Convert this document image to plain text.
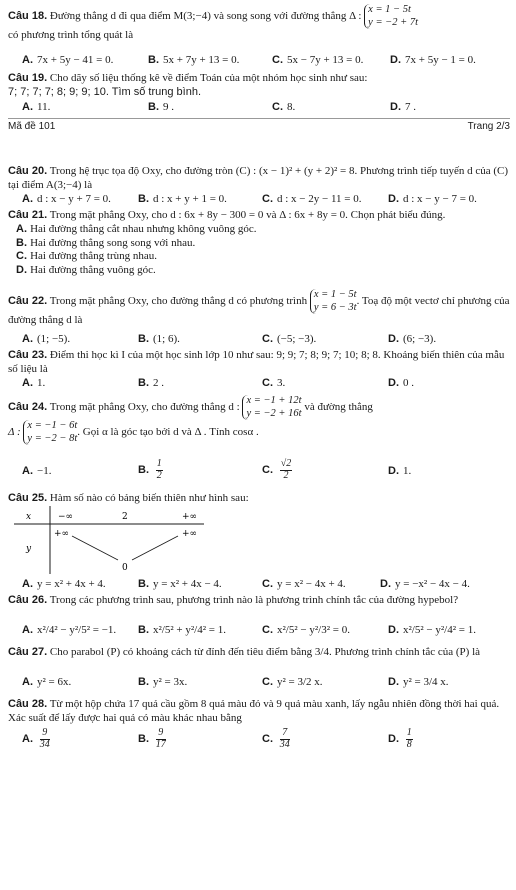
Câu 18. Đường thẳng d đi qua điểm M(3;−4) và song song với đường thẳng Δ : x = 1 − 5t
y = −2 + 7t
có phương trình tổng quát là
A. 7x + 5y − 41 = 0.	B. 5x + 7y + 13 = 0.	C. 5x − 7y + 13 = 0. D. 7x + 5y − 1 = 0.
Câu 19. Cho dãy số liệu thống kê về điểm Toán của một nhóm học sinh như sau:
7; 7; 7; 7; 8; 9; 9; 10. Tìm số trung bình.
A. 11.	B. 9 .	C. 8.	D. 7 .
Mã đề 101	Trang 2/3
Câu 20. Trong hệ trục tọa độ Oxy, cho đường tròn (C) : (x − 1)² + (y + 2)² = 8. Phương trình tiếp tuyến d của (C) tại điểm A(3;−4) là
A. d : x − y + 7 = 0. B. d : x + y + 1 = 0.	C. d : x − 2y − 11 = 0. D. d : x − y − 7 = 0.
Câu 21. Trong mặt phẳng Oxy, cho d : 6x + 8y − 300 = 0 và Δ : 6x + 8y = 0. Chọn phát biểu đúng.
A. Hai đường thẳng cắt nhau nhưng không vuông góc.
B. Hai đường thẳng song song với nhau.
C. Hai đường thẳng trùng nhau.
D. Hai đường thẳng vuông góc.
Câu 22. Trong mặt phẳng Oxy, cho đường thẳng d có phương trình x = 1 − 5t
y = 6 − 3t. Toạ độ một vectơ chỉ phương của đường thẳng d là
A. (1; −5).	B. (1; 6).	C. (−5; −3).	D. (6; −3).
Câu 23. Điểm thi học kì I của một học sinh lớp 10 như sau: 9; 9; 7; 8; 9; 7; 10; 8; 8. Khoảng biến thiên của mẫu số liệu là
A. 1.	B. 2 .	C. 3.	D. 0 .
Câu 24. Trong mặt phẳng Oxy, cho đường thẳng d : x = −1 + 12t
y = −2 + 16t và đường thẳng
Δ : x = −1 − 6t
y = −2 − 8t. Gọi α là góc tạo bởi d và Δ . Tính cosα .
A. −1.	B. $\frac{1}{2}$	C. $\frac{√2}{2}$	D. 1.
Câu 25. Hàm số nào có bảng biến thiên như hình sau:
x
y
−∞	2	+∞
+∞
0
+∞
A. y = x² + 4x + 4.	B. y = x² + 4x − 4.	C. y = x² − 4x + 4.	D. y = −x² − 4x − 4.
Câu 26. Trong các phương trình sau, phương trình nào là phương trình chính tắc của đường hypebol?
A. x²/4² − y²/5² = −1. B. x²/5² + y²/4² = 1.	C. x²/5² − y²/3² = 0.	D. x²/5² − y²/4² = 1.
Câu 27. Cho parabol (P) có khoảng cách từ đỉnh đến tiêu điểm bằng 3/4. Phương trình chính tắc của (P) là
A. y² = 6x.	B. y² = 3x.	C. y² = 3/2 x.	D. y² = 3/4 x.
Câu 28. Từ một hộp chứa 17 quả cầu gồm 8 quả màu đỏ và 9 quả màu xanh, lấy ngẫu nhiên đồng thời hai quả. Xác suất để lấy được hai quả có màu khác nhau bằng
A. $\frac{9}{34}$	B. $\frac{9}{17}$	C. $\frac{7}{34}$	D. $\frac{1}{8}$
